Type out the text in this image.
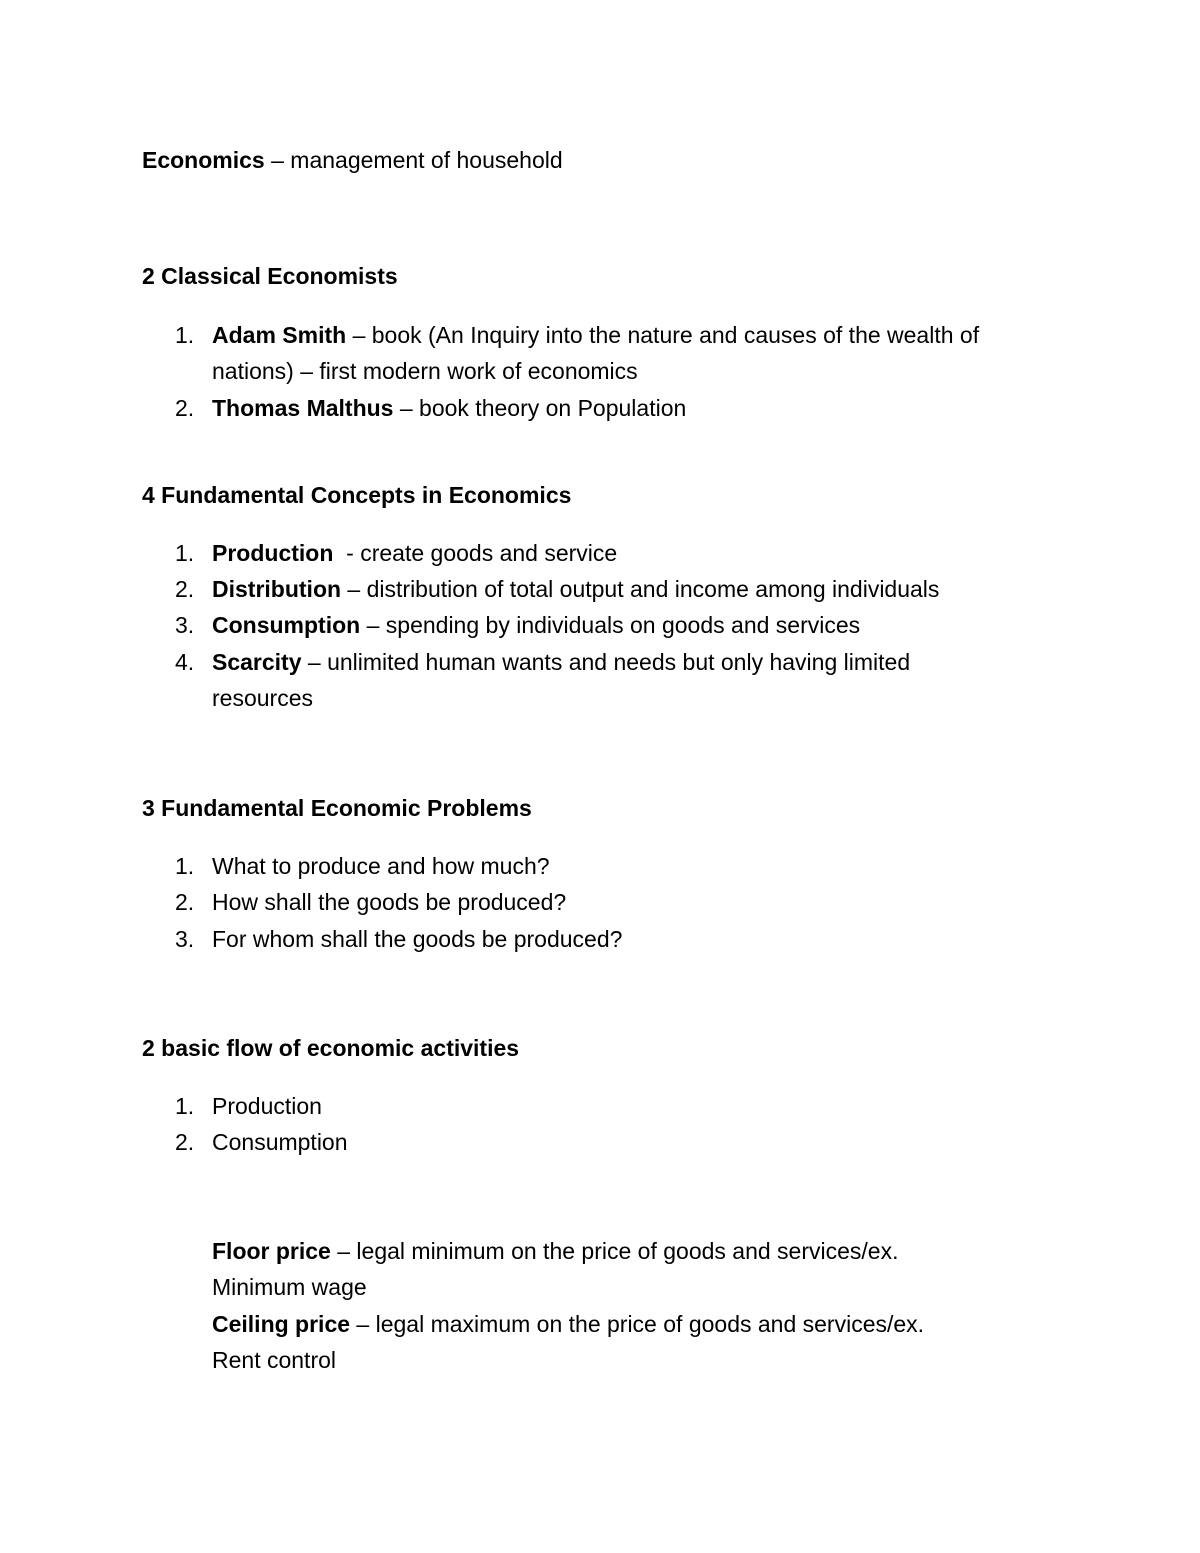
Economics – management of household
2 Classical Economists
1. Adam Smith – book (An Inquiry into the nature and causes of the wealth of
nations) – first modern work of economics
2. Thomas Malthus – book theory on Population
4 Fundamental Concepts in Economics
1. Production  - create goods and service
2. Distribution – distribution of total output and income among individuals
3. Consumption – spending by individuals on goods and services
4. Scarcity – unlimited human wants and needs but only having limited
resources
3 Fundamental Economic Problems
1. What to produce and how much?
2. How shall the goods be produced?
3. For whom shall the goods be produced?
2 basic flow of economic activities
1. Production
2. Consumption
Floor price – legal minimum on the price of goods and services/ex.
Minimum wage
Ceiling price – legal maximum on the price of goods and services/ex.
Rent control
